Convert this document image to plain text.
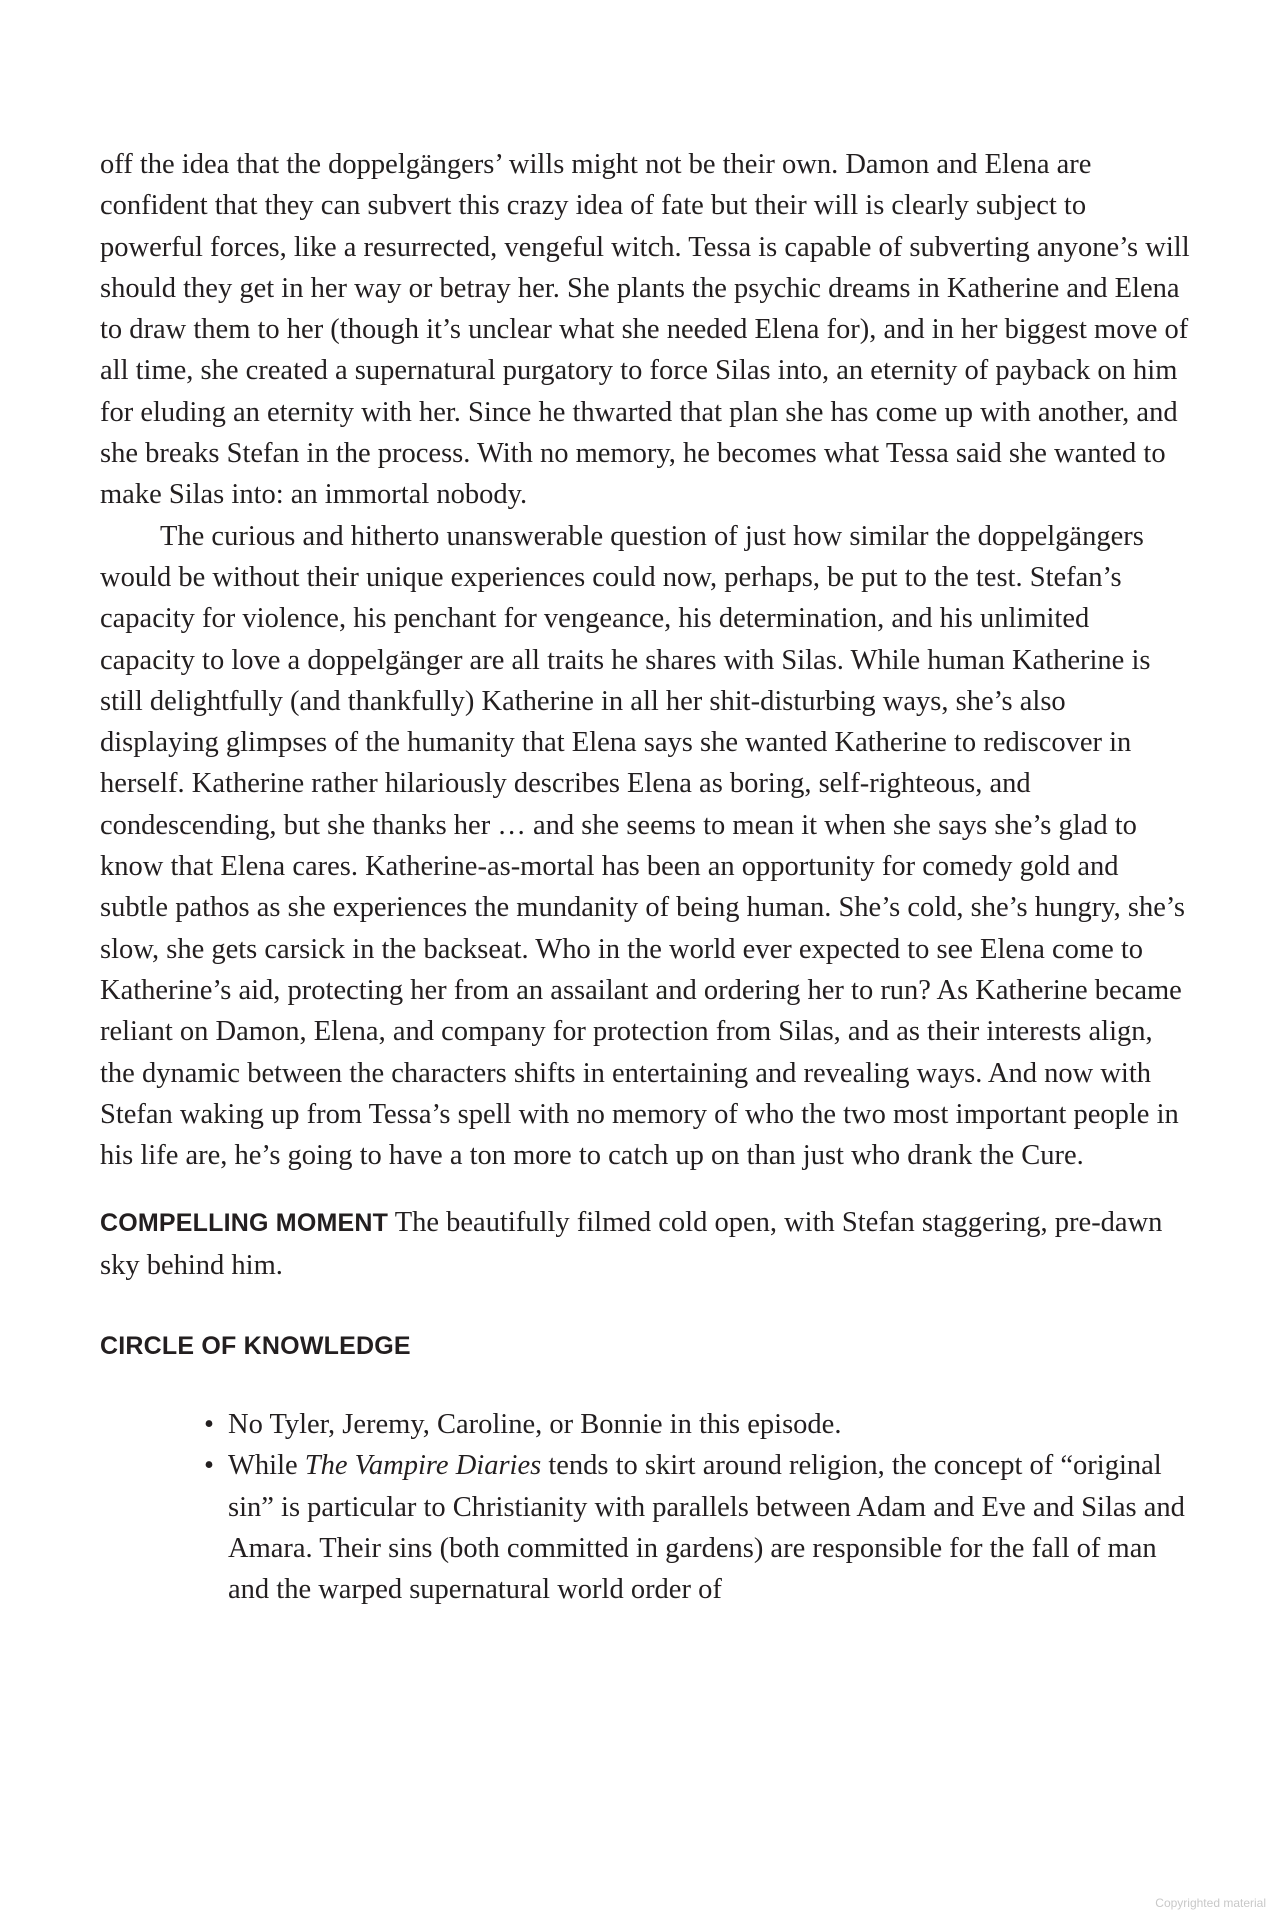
off the idea that the doppelgängers’ wills might not be their own. Damon and Elena are confident that they can subvert this crazy idea of fate but their will is clearly subject to powerful forces, like a resurrected, vengeful witch. Tessa is capable of subverting anyone’s will should they get in her way or betray her. She plants the psychic dreams in Katherine and Elena to draw them to her (though it’s unclear what she needed Elena for), and in her biggest move of all time, she created a supernatural purgatory to force Silas into, an eternity of payback on him for eluding an eternity with her. Since he thwarted that plan she has come up with another, and she breaks Stefan in the process. With no memory, he becomes what Tessa said she wanted to make Silas into: an immortal nobody.

The curious and hitherto unanswerable question of just how similar the doppelgängers would be without their unique experiences could now, perhaps, be put to the test. Stefan’s capacity for violence, his penchant for vengeance, his determination, and his unlimited capacity to love a doppelgänger are all traits he shares with Silas. While human Katherine is still delightfully (and thankfully) Katherine in all her shit-disturbing ways, she’s also displaying glimpses of the humanity that Elena says she wanted Katherine to rediscover in herself. Katherine rather hilariously describes Elena as boring, self-righteous, and condescending, but she thanks her … and she seems to mean it when she says she’s glad to know that Elena cares. Katherine-as-mortal has been an opportunity for comedy gold and subtle pathos as she experiences the mundanity of being human. She’s cold, she’s hungry, she’s slow, she gets carsick in the backseat. Who in the world ever expected to see Elena come to Katherine’s aid, protecting her from an assailant and ordering her to run? As Katherine became reliant on Damon, Elena, and company for protection from Silas, and as their interests align, the dynamic between the characters shifts in entertaining and revealing ways. And now with Stefan waking up from Tessa’s spell with no memory of who the two most important people in his life are, he’s going to have a ton more to catch up on than just who drank the Cure.

COMPELLING MOMENT The beautifully filmed cold open, with Stefan staggering, pre-dawn sky behind him.

CIRCLE OF KNOWLEDGE
• No Tyler, Jeremy, Caroline, or Bonnie in this episode.
• While The Vampire Diaries tends to skirt around religion, the concept of “original sin” is particular to Christianity with parallels between Adam and Eve and Silas and Amara. Their sins (both committed in gardens) are responsible for the fall of man and the warped supernatural world order of
Copyrighted material
